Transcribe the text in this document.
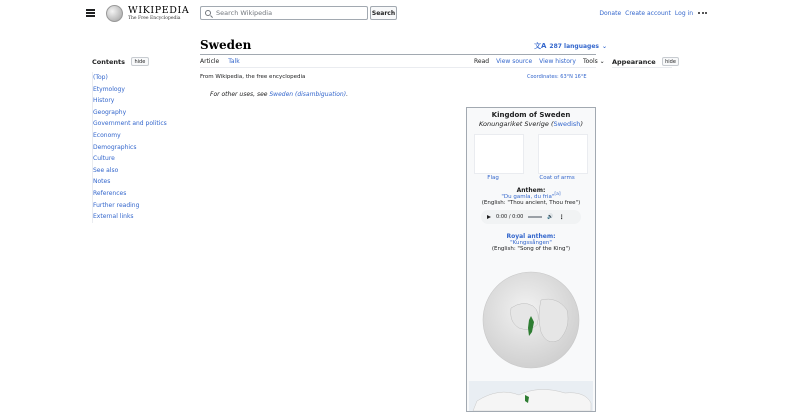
WIKIPEDIA
The Free Encyclopedia
Search Wikipedia
Search	Donate Create account Log in
Contents	hide
(Top)
Etymology
History
Geography
Government and politics
Economy
Demographics
Culture
See also
Notes
References
Further reading
External links
Sweden	文A 287 languages ⌄
Article Talk	Read View source View history Tools ⌄
From Wikipedia, the free encyclopedia	Coordinates: 63°N 16°E
For other uses, see Sweden (disambiguation).
Kingdom of Sweden
Konungariket Sverige (Swedish)
Flag	Coat of arms
Anthem:
"Du gamla, du fria"[a]
(English: "Thou ancient, Thou free")
0:00 / 0:00	🔊 ⋮
Royal anthem:
"Kungssången"
(English: "Song of the King")
Appearance	hide
